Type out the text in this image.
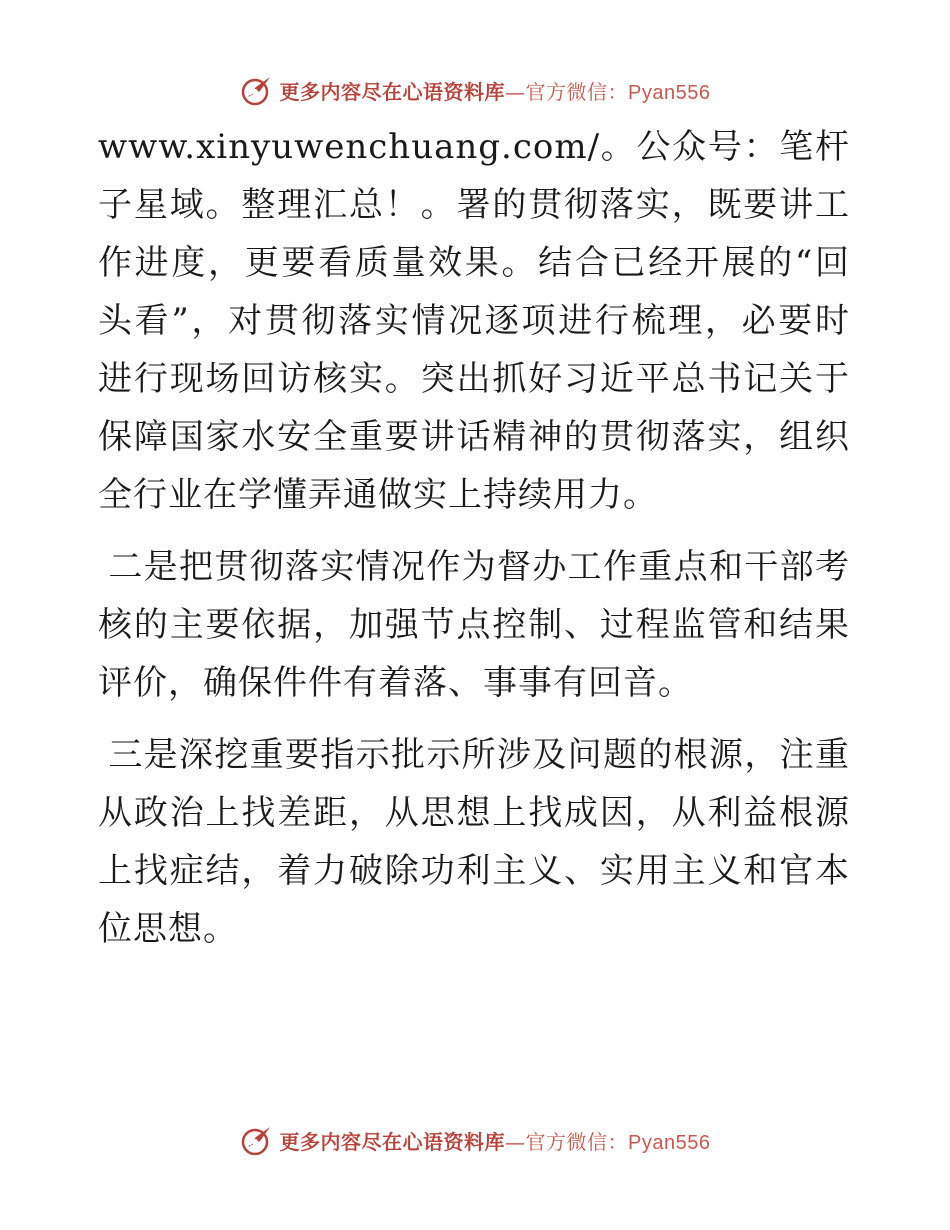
更多内容尽在心语资料库—官方微信：Pyan556

www.xinyuwenchuang.com/。公众号：笔杆子星域。整理汇总！。署的贯彻落实，既要讲工作进度，更要看质量效果。结合已经开展的“回头看”，对贯彻落实情况逐项进行梳理，必要时进行现场回访核实。突出抓好习近平总书记关于保障国家水安全重要讲话精神的贯彻落实，组织全行业在学懂弄通做实上持续用力。

二是把贯彻落实情况作为督办工作重点和干部考核的主要依据，加强节点控制、过程监管和结果评价，确保件件有着落、事事有回音。

三是深挖重要指示批示所涉及问题的根源，注重从政治上找差距，从思想上找成因，从利益根源上找症结，着力破除功利主义、实用主义和官本位思想。

更多内容尽在心语资料库—官方微信：Pyan556
